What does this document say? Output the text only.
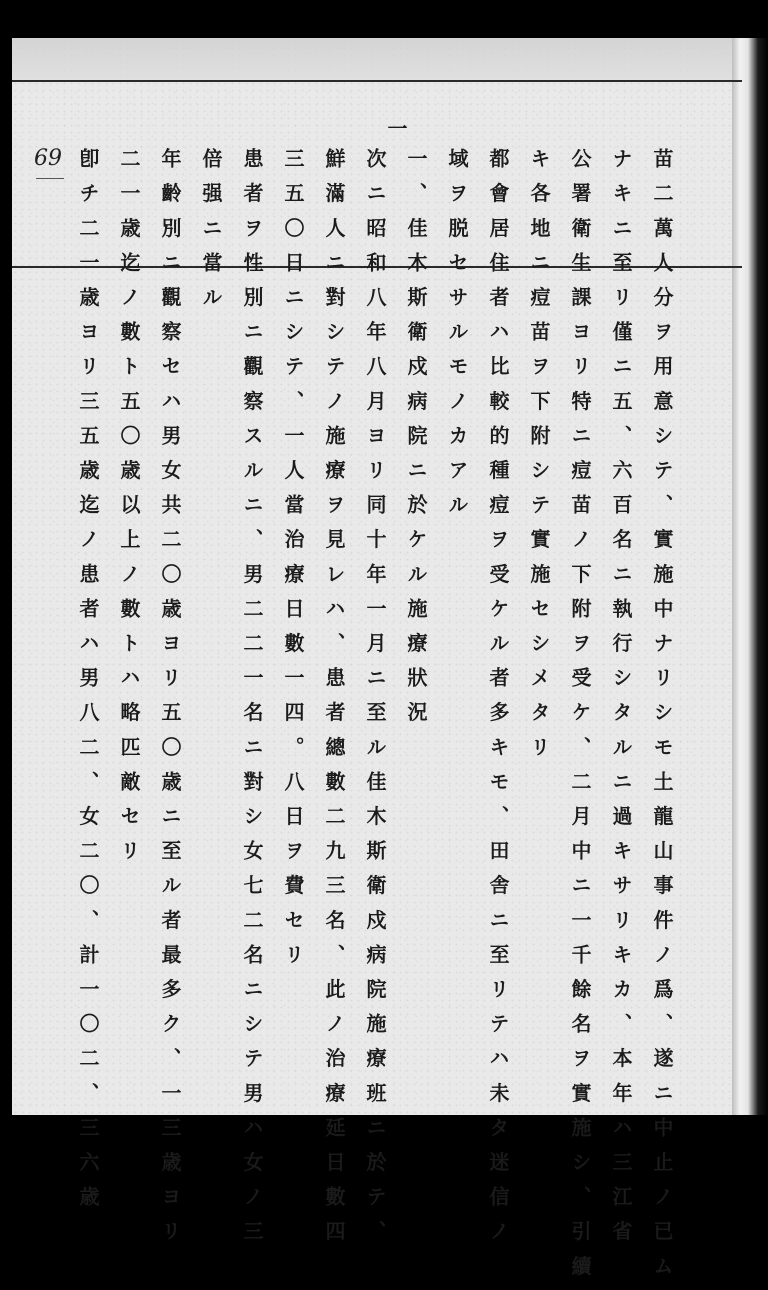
69	苗二萬人分ヲ用意シテ、實施中ナリシモ土龍山事件ノ爲、遂ニ中止ノ已ム
ナキニ至リ僅ニ五、六百名ニ執行シタルニ過キサリキカ、本年ハ三江省
公署衛生課ヨリ特ニ痘苗ノ下附ヲ受ケ、二月中ニ一千餘名ヲ實施シ、引續
キ各地ニ痘苗ヲ下附シテ實施セシメタリ
都會居住者ハ比較的種痘ヲ受ケル者多キモ、田舎ニ至リテハ未タ迷信ノ
域ヲ脱セサルモノカアル
一、佳木斯衛戍病院ニ於ケル施療狀況
次ニ昭和八年八月ヨリ同十年一月ニ至ル佳木斯衛戍病院施療班ニ於テ、
鮮滿人ニ對シテノ施療ヲ見レハ、患者總數二九三名、此ノ治療延日數四
三五〇日ニシテ、一人當治療日數一四。八日ヲ費セリ
患者ヲ性別ニ觀察スルニ、男二二一名ニ對シ女七二名ニシテ男ハ女ノ三
倍强ニ當ル
年齡別ニ觀察セハ男女共二〇歳ヨリ五〇歳ニ至ル者最多ク、一三歳ヨリ
二一歳迄ノ數ト五〇歳以上ノ數トハ略匹敵セリ
卽チ二一歳ヨリ三五歳迄ノ患者ハ男八二、女二〇、計一〇二、三六歳
一
